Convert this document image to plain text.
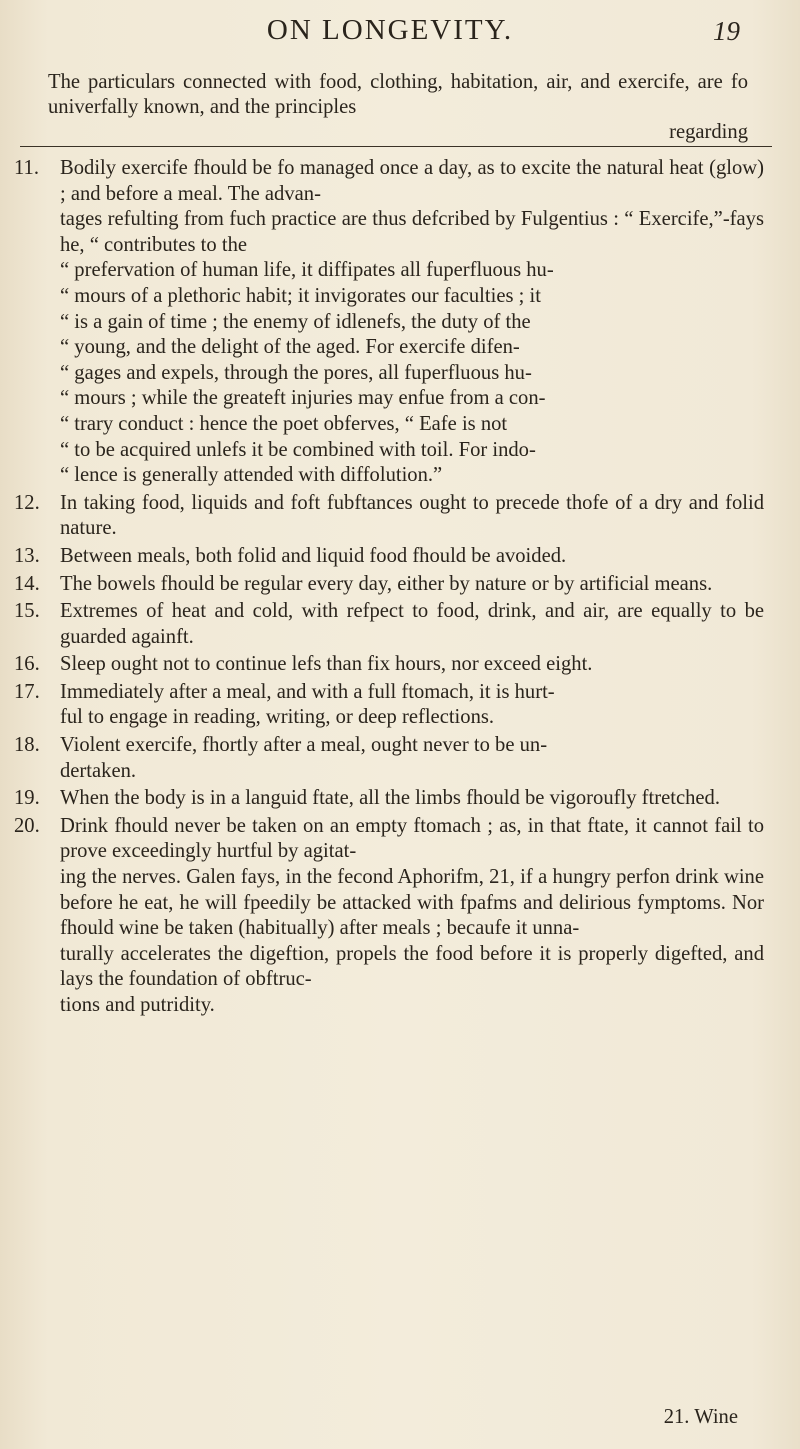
ON LONGEVITY.	19
The particulars connected with food, clothing, habitation, air, and exercife, are fo univerfally known, and the principles
regarding
11.	Bodily exercife fhould be fo managed once a day, as to excite the natural heat (glow) ; and before a meal. The advan-
tages refulting from fuch practice are thus defcribed by Fulgentius : “ Exercife,”-fays he, “ contributes to the
“ prefervation of human life, it diffipates all fuperfluous hu-
“ mours of a plethoric habit; it invigorates our faculties ; it
“ is a gain of time ; the enemy of idlenefs, the duty of the
“ young, and the delight of the aged. For exercife difen-
“ gages and expels, through the pores, all fuperfluous hu-
“ mours ; while the greateft injuries may enfue from a con-
“ trary conduct : hence the poet obferves, “ Eafe is not
“ to be acquired unlefs it be combined with toil. For indo-
“ lence is generally attended with diffolution.”
12. In taking food, liquids and foft fubftances ought to precede thofe of a dry and folid nature.
13. Between meals, both folid and liquid food fhould be avoided.
14. The bowels fhould be regular every day, either by nature or by artificial means.
15. Extremes of heat and cold, with refpect to food, drink, and air, are equally to be guarded againft.
16. Sleep ought not to continue lefs than fix hours, nor exceed eight.
17. Immediately after a meal, and with a full ftomach, it is hurt-
ful to engage in reading, writing, or deep reflections.
18. Violent exercife, fhortly after a meal, ought never to be un-
dertaken.
19. When the body is in a languid ftate, all the limbs fhould be vigoroufly ftretched.
20. Drink fhould never be taken on an empty ftomach ; as, in that ftate, it cannot fail to prove exceedingly hurtful by agitat-
ing the nerves. Galen fays, in the fecond Aphorifm, 21, if a hungry perfon drink wine before he eat, he will fpeedily be attacked with fpafms and delirious fymptoms. Nor fhould wine be taken (habitually) after meals ; becaufe it unna-
turally accelerates the digeftion, propels the food before it is properly digefted, and lays the foundation of obftruc-
tions and putridity.
21. Wine
